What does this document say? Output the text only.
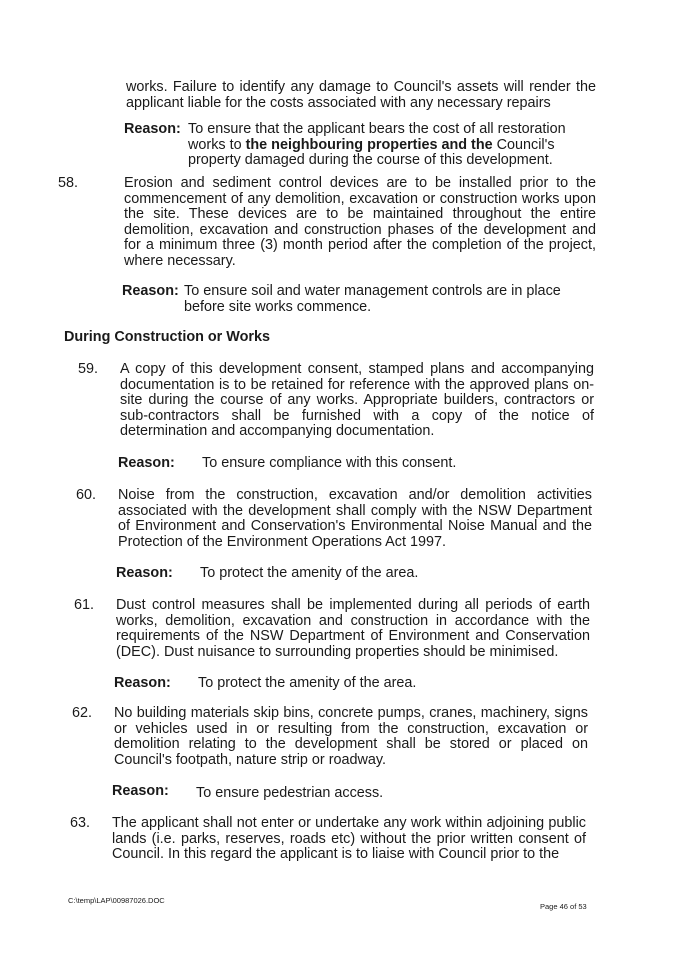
works. Failure to identify any damage to Council's assets will render the applicant liable for the costs associated with any necessary repairs
Reason: To ensure that the applicant bears the cost of all restoration works to the neighbouring properties and the Council's property damaged during the course of this development.
58.	Erosion and sediment control devices are to be installed prior to the commencement of any demolition, excavation or construction works upon the site. These devices are to be maintained throughout the entire demolition, excavation and construction phases of the development and for a minimum three (3) month period after the completion of the project, where necessary.
Reason: To ensure soil and water management controls are in place before site works commence.
During Construction or Works
59. A copy of this development consent, stamped plans and accompanying documentation is to be retained for reference with the approved plans on-site during the course of any works. Appropriate builders, contractors or sub-contractors shall be furnished with a copy of the notice of determination and accompanying documentation.
Reason: To ensure compliance with this consent.
60. Noise from the construction, excavation and/or demolition activities associated with the development shall comply with the NSW Department of Environment and Conservation's Environmental Noise Manual and the Protection of the Environment Operations Act 1997.
Reason: To protect the amenity of the area.
61. Dust control measures shall be implemented during all periods of earth works, demolition, excavation and construction in accordance with the requirements of the NSW Department of Environment and Conservation (DEC). Dust nuisance to surrounding properties should be minimised.
Reason: To protect the amenity of the area.
62. No building materials skip bins, concrete pumps, cranes, machinery, signs or vehicles used in or resulting from the construction, excavation or demolition relating to the development shall be stored or placed on Council's footpath, nature strip or roadway.
Reason: To ensure pedestrian access.
63. The applicant shall not enter or undertake any work within adjoining public lands (i.e. parks, reserves, roads etc) without the prior written consent of Council. In this regard the applicant is to liaise with Council prior to the
C:\temp\LAP\00987026.DOC
Page 46 of 53
